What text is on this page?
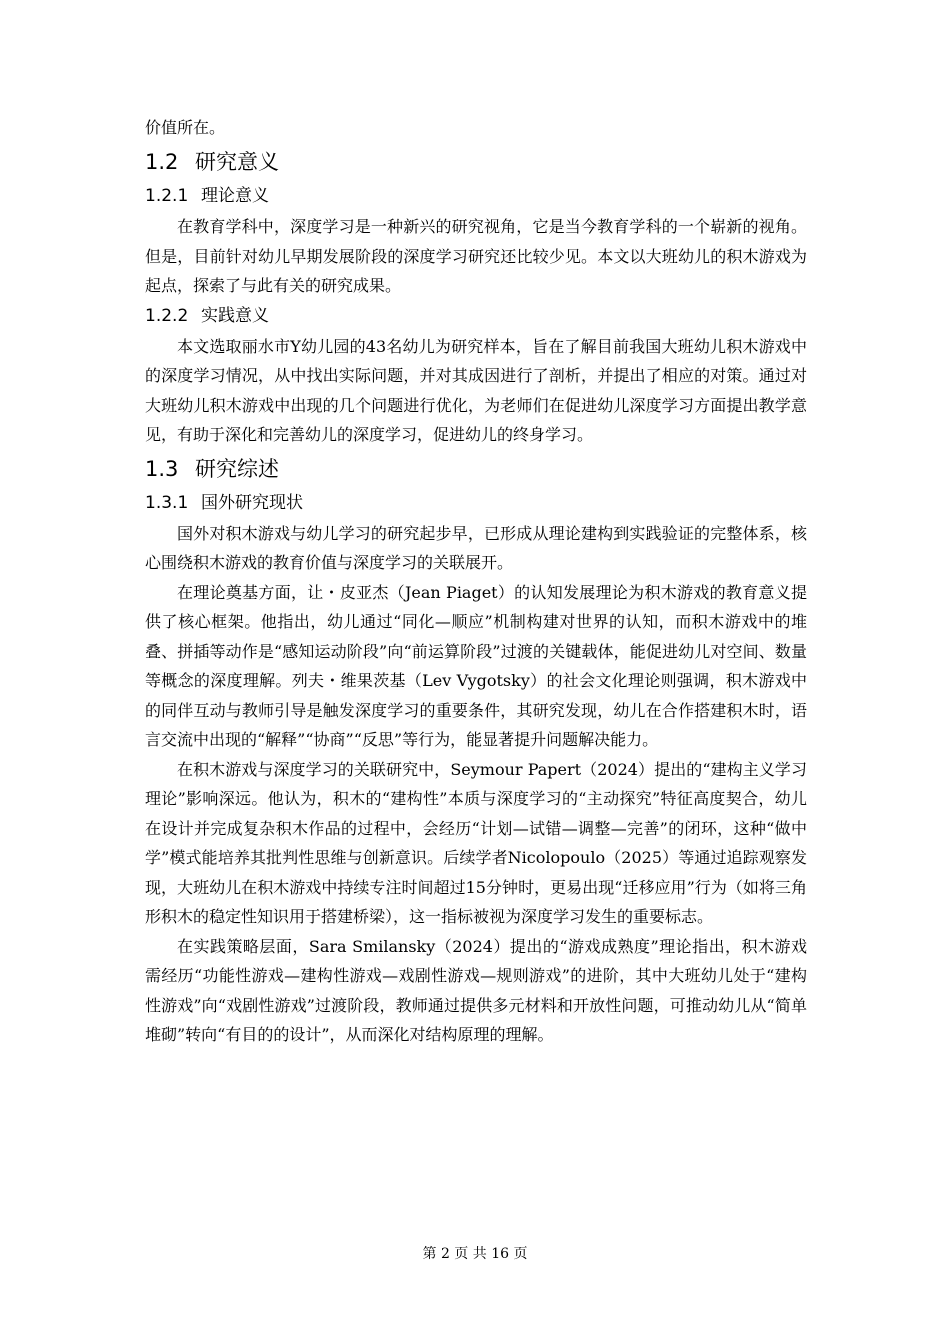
价值所在。

1.2 研究意义
1.2.1 理论意义

在教育学科中，深度学习是一种新兴的研究视角，它是当今教育学科的一个崭新的视角。但是，目前针对幼儿早期发展阶段的深度学习研究还比较少见。本文以大班幼儿的积木游戏为起点，探索了与此有关的研究成果。

1.2.2 实践意义

本文选取丽水市Y幼儿园的43名幼儿为研究样本，旨在了解目前我国大班幼儿积木游戏中的深度学习情况，从中找出实际问题，并对其成因进行了剖析，并提出了相应的对策。通过对大班幼儿积木游戏中出现的几个问题进行优化，为老师们在促进幼儿深度学习方面提出教学意见，有助于深化和完善幼儿的深度学习，促进幼儿的终身学习。

1.3 研究综述
1.3.1 国外研究现状

国外对积木游戏与幼儿学习的研究起步早，已形成从理论建构到实践验证的完整体系，核心围绕积木游戏的教育价值与深度学习的关联展开。

在理论奠基方面，让・皮亚杰（Jean Piaget）的认知发展理论为积木游戏的教育意义提供了核心框架。他指出，幼儿通过“同化—顺应”机制构建对世界的认知，而积木游戏中的堆叠、拼插等动作是“感知运动阶段”向“前运算阶段”过渡的关键载体，能促进幼儿对空间、数量等概念的深度理解。列夫・维果茨基（Lev Vygotsky）的社会文化理论则强调，积木游戏中的同伴互动与教师引导是触发深度学习的重要条件，其研究发现，幼儿在合作搭建积木时，语言交流中出现的“解释”“协商”“反思”等行为，能显著提升问题解决能力。

在积木游戏与深度学习的关联研究中，Seymour Papert（2024）提出的“建构主义学习理论”影响深远。他认为，积木的“建构性”本质与深度学习的“主动探究”特征高度契合，幼儿在设计并完成复杂积木作品的过程中，会经历“计划—试错—调整—完善”的闭环，这种“做中学”模式能培养其批判性思维与创新意识。后续学者Nicolopoulo（2025）等通过追踪观察发现，大班幼儿在积木游戏中持续专注时间超过15分钟时，更易出现“迁移应用”行为（如将三角形积木的稳定性知识用于搭建桥梁），这一指标被视为深度学习发生的重要标志。

在实践策略层面，Sara Smilansky（2024）提出的“游戏成熟度”理论指出，积木游戏需经历“功能性游戏—建构性游戏—戏剧性游戏—规则游戏”的进阶，其中大班幼儿处于“建构性游戏”向“戏剧性游戏”过渡阶段，教师通过提供多元材料和开放性问题，可推动幼儿从“简单堆砌”转向“有目的的设计”，从而深化对结构原理的理解。

第 2 页 共 16 页
